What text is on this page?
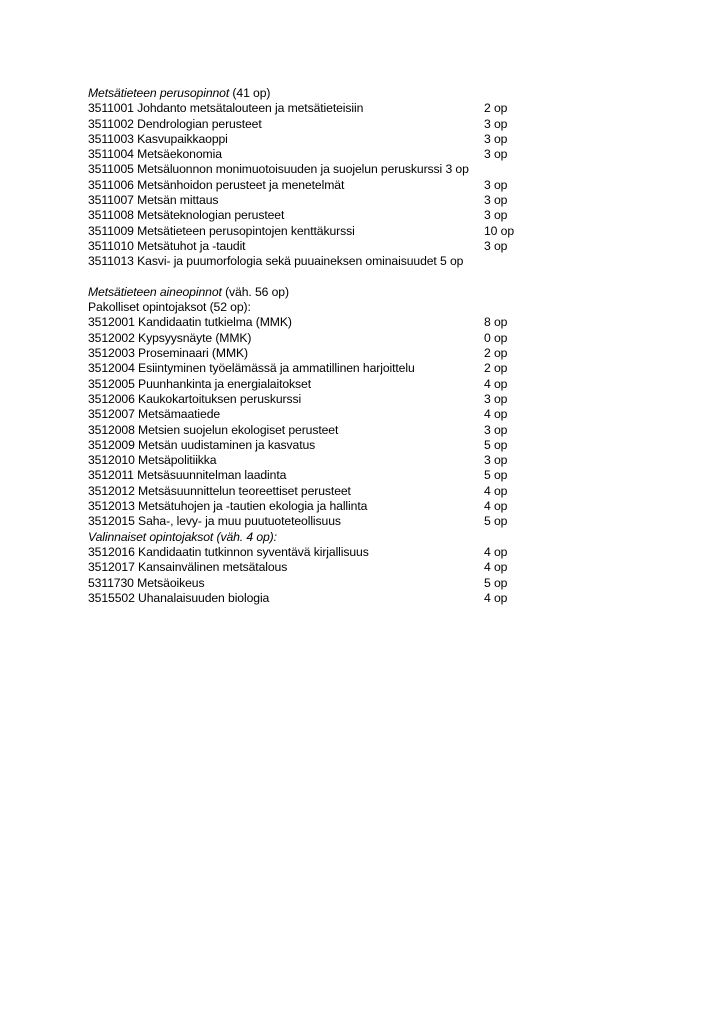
Metsätieteen perusopinnot (41 op)
3511001 Johdanto metsätalouteen ja metsätieteisiin	2 op
3511002 Dendrologian perusteet	3 op
3511003 Kasvupaikkaoppi	3 op
3511004 Metsäekonomia	3 op
3511005 Metsäluonnon monimuotoisuuden ja suojelun peruskurssi 3 op
3511006 Metsänhoidon perusteet ja menetelmät	3 op
3511007 Metsän mittaus	3 op
3511008 Metsäteknologian perusteet	3 op
3511009 Metsätieteen perusopintojen kenttäkurssi	10 op
3511010 Metsätuhot ja -taudit	3 op
3511013 Kasvi- ja puumorfologia sekä puuaineksen ominaisuudet 5 op
Metsätieteen aineopinnot (väh. 56 op)
Pakolliset opintojaksot (52 op):
3512001 Kandidaatin tutkielma (MMK)	8 op
3512002 Kypsyysnäyte (MMK)	0 op
3512003 Proseminaari (MMK)	2 op
3512004 Esiintyminen työelämässä ja ammatillinen harjoittelu	2 op
3512005 Puunhankinta ja energialaitokset	4 op
3512006 Kaukokartoituksen peruskurssi	3 op
3512007 Metsämaatiede	4 op
3512008 Metsien suojelun ekologiset perusteet	3 op
3512009 Metsän uudistaminen ja kasvatus	5 op
3512010 Metsäpolitiikka	3 op
3512011 Metsäsuunnitelman laadinta	5 op
3512012 Metsäsuunnittelun teoreettiset perusteet	4 op
3512013 Metsätuhojen ja -tautien ekologia ja hallinta	4 op
3512015 Saha-, levy- ja muu puutuoteteollisuus	5 op
Valinnaiset opintojaksot (väh. 4 op):
3512016 Kandidaatin tutkinnon syventävä kirjallisuus	4 op
3512017 Kansainvälinen metsätalous	4 op
5311730 Metsäoikeus	5 op
3515502 Uhanalaisuuden biologia	4 op
